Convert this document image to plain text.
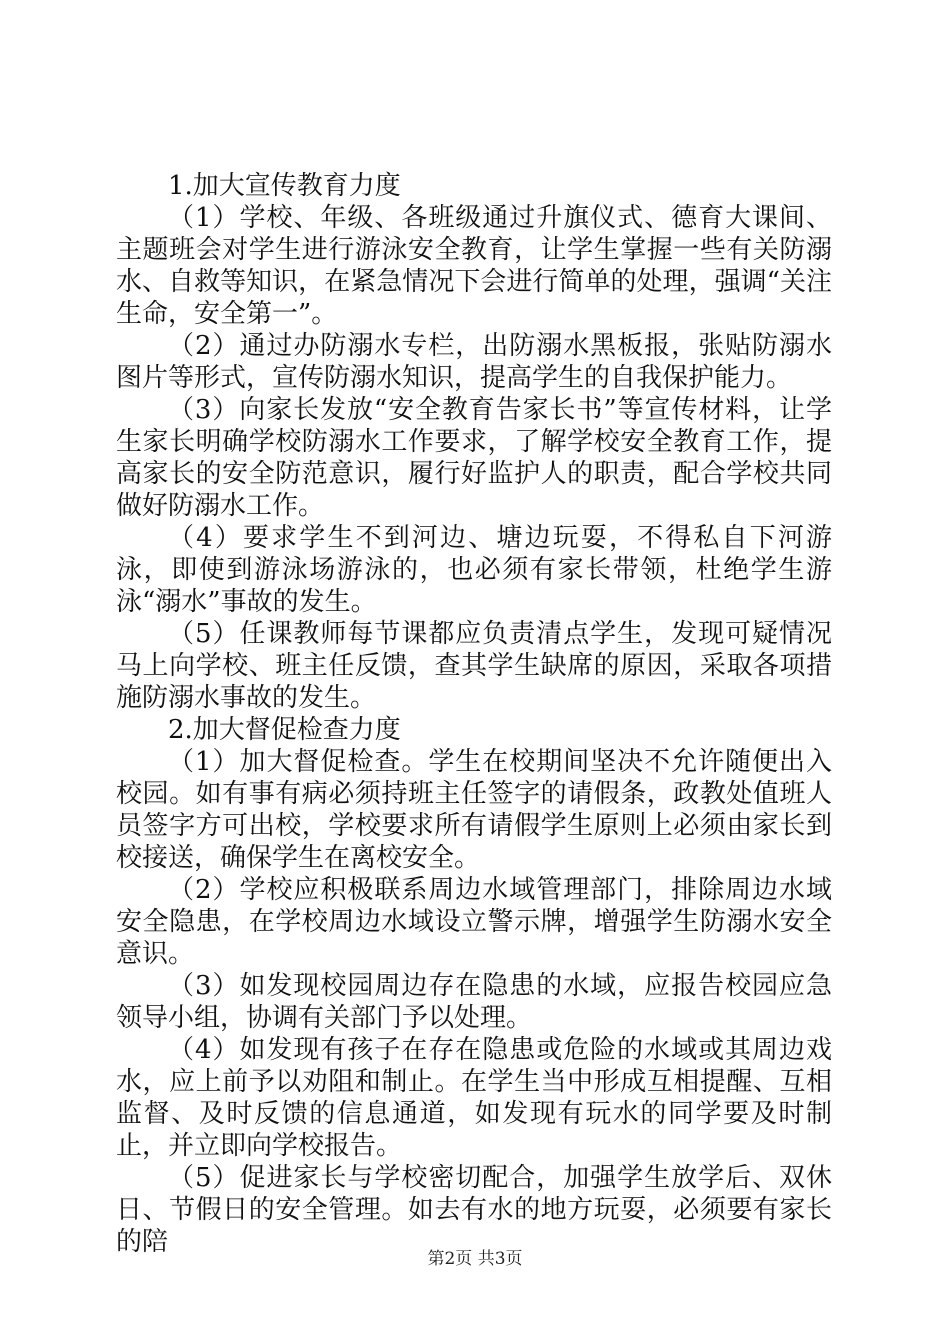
1.加大宣传教育力度

（1）学校、年级、各班级通过升旗仪式、德育大课间、主题班会对学生进行游泳安全教育，让学生掌握一些有关防溺水、自救等知识，在紧急情况下会进行简单的处理，强调“关注生命，安全第一”。

（2）通过办防溺水专栏，出防溺水黑板报，张贴防溺水图片等形式，宣传防溺水知识，提高学生的自我保护能力。

（3）向家长发放“安全教育告家长书”等宣传材料，让学生家长明确学校防溺水工作要求，了解学校安全教育工作，提高家长的安全防范意识，履行好监护人的职责，配合学校共同做好防溺水工作。

（4）要求学生不到河边、塘边玩耍，不得私自下河游泳，即使到游泳场游泳的，也必须有家长带领，杜绝学生游泳“溺水”事故的发生。

（5）任课教师每节课都应负责清点学生，发现可疑情况马上向学校、班主任反馈，查其学生缺席的原因，采取各项措施防溺水事故的发生。

2.加大督促检查力度

（1）加大督促检查。学生在校期间坚决不允许随便出入校园。如有事有病必须持班主任签字的请假条，政教处值班人员签字方可出校，学校要求所有请假学生原则上必须由家长到校接送，确保学生在离校安全。

（2）学校应积极联系周边水域管理部门，排除周边水域安全隐患，在学校周边水域设立警示牌，增强学生防溺水安全意识。

（3）如发现校园周边存在隐患的水域，应报告校园应急领导小组，协调有关部门予以处理。

（4）如发现有孩子在存在隐患或危险的水域或其周边戏水，应上前予以劝阻和制止。在学生当中形成互相提醒、互相监督、及时反馈的信息通道，如发现有玩水的同学要及时制止，并立即向学校报告。

（5）促进家长与学校密切配合，加强学生放学后、双休日、节假日的安全管理。如去有水的地方玩耍，必须要有家长的陪

第2页 共3页
